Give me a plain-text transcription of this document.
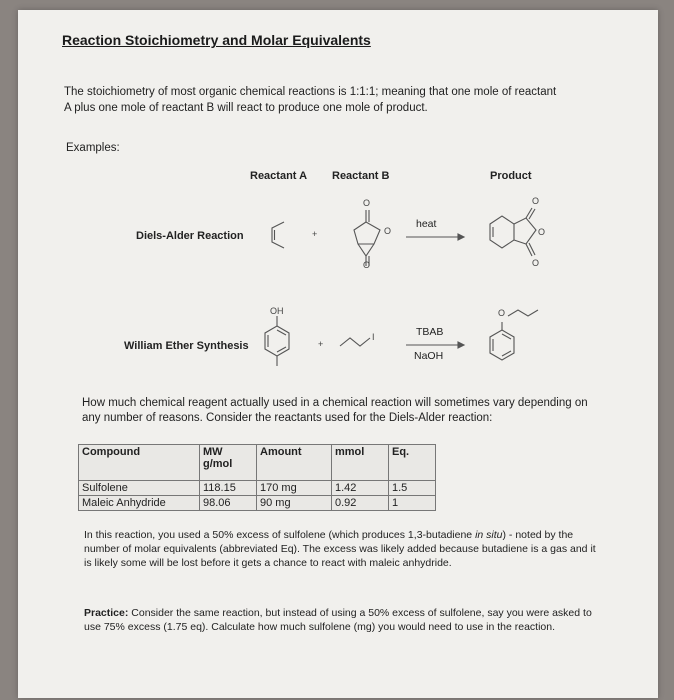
Reaction Stoichiometry and Molar Equivalents
The stoichiometry of most organic chemical reactions is 1:1:1; meaning that one mole of reactant A plus one mole of reactant B will react to produce one mole of product.
Examples:
Reactant A Reactant B	Product
Diels-Alder Reaction	+
O
O
O
heat
O
O
O
William Ether Synthesis
OH
+
I	TBAB
NaOH
O
How much chemical reagent actually used in a chemical reaction will sometimes vary depending on any number of reasons. Consider the reactants used for the Diels-Alder reaction:
Compound	MW g/mol	Amount	mmol	Eq.
Sulfolene	118.15	170 mg	1.42	1.5
Maleic Anhydride	98.06	90 mg	0.92	1
In this reaction, you used a 50% excess of sulfolene (which produces 1,3-butadiene in situ) - noted by the number of molar equivalents (abbreviated Eq). The excess was likely added because butadiene is a gas and it is likely some will be lost before it gets a chance to react with maleic anhydride.
Practice: Consider the same reaction, but instead of using a 50% excess of sulfolene, say you were asked to use 75% excess (1.75 eq). Calculate how much sulfolene (mg) you would need to use in the reaction.
